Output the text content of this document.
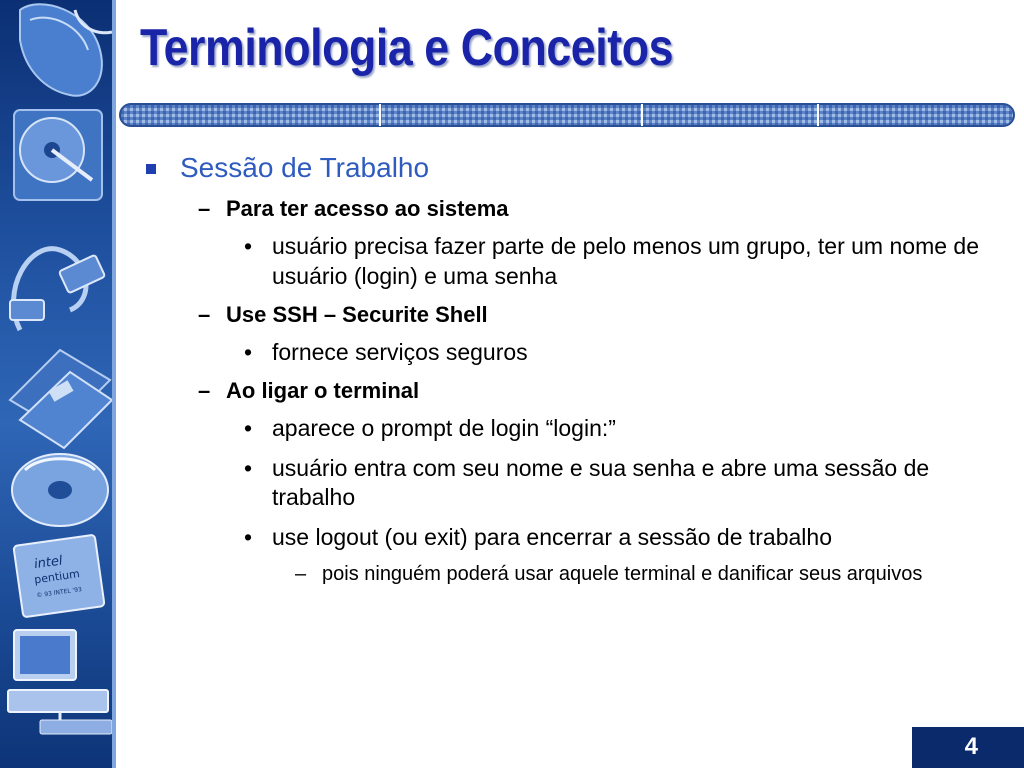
intel
pentium
© 93 INTEL '93
Terminologia e Conceitos
Sessão de Trabalho
– Para ter acesso ao sistema
• usuário precisa fazer parte de pelo menos um grupo, ter um nome de usuário (login) e uma senha
– Use SSH – Securite Shell
• fornece serviços seguros
– Ao ligar o terminal
• aparece o prompt de login “login:”
• usuário entra com seu nome e sua senha e abre uma sessão de trabalho
• use logout (ou exit) para encerrar a sessão de trabalho
– pois ninguém poderá usar aquele terminal e danificar seus arquivos
4
